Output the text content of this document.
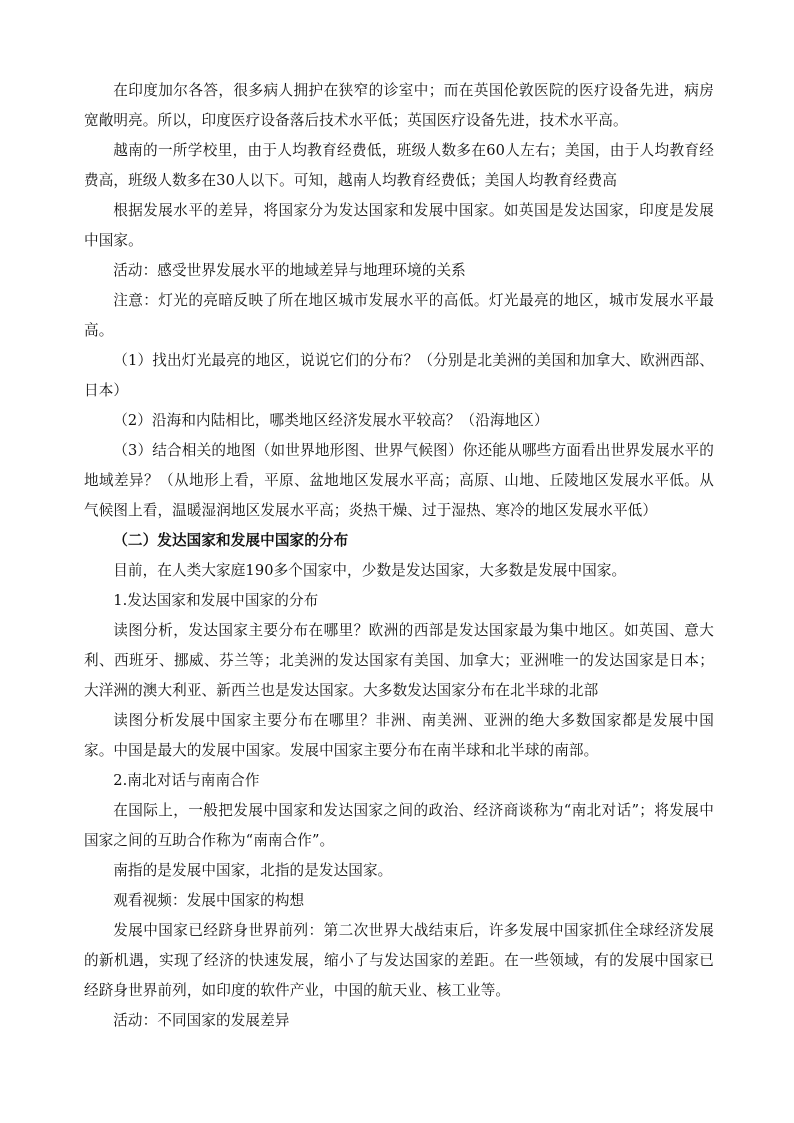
在印度加尔各答，很多病人拥护在狭窄的诊室中；而在英国伦敦医院的医疗设备先进，病房宽敞明亮。所以，印度医疗设备落后技术水平低；英国医疗设备先进，技术水平高。

越南的一所学校里，由于人均教育经费低，班级人数多在60人左右；美国，由于人均教育经费高，班级人数多在30人以下。可知，越南人均教育经费低；美国人均教育经费高

根据发展水平的差异，将国家分为发达国家和发展中国家。如英国是发达国家，印度是发展中国家。

活动：感受世界发展水平的地域差异与地理环境的关系

注意：灯光的亮暗反映了所在地区城市发展水平的高低。灯光最亮的地区，城市发展水平最高。

（1）找出灯光最亮的地区，说说它们的分布？（分别是北美洲的美国和加拿大、欧洲西部、日本）

（2）沿海和内陆相比，哪类地区经济发展水平较高？（沿海地区）

（3）结合相关的地图（如世界地形图、世界气候图）你还能从哪些方面看出世界发展水平的地域差异？（从地形上看，平原、盆地地区发展水平高；高原、山地、丘陵地区发展水平低。从气候图上看，温暖湿润地区发展水平高；炎热干燥、过于湿热、寒冷的地区发展水平低）

（二）发达国家和发展中国家的分布

目前，在人类大家庭190多个国家中，少数是发达国家，大多数是发展中国家。

1.发达国家和发展中国家的分布

读图分析，发达国家主要分布在哪里？欧洲的西部是发达国家最为集中地区。如英国、意大利、西班牙、挪威、芬兰等；北美洲的发达国家有美国、加拿大；亚洲唯一的发达国家是日本；大洋洲的澳大利亚、新西兰也是发达国家。大多数发达国家分布在北半球的北部

读图分析发展中国家主要分布在哪里？非洲、南美洲、亚洲的绝大多数国家都是发展中国家。中国是最大的发展中国家。发展中国家主要分布在南半球和北半球的南部。

2.南北对话与南南合作

在国际上，一般把发展中国家和发达国家之间的政治、经济商谈称为“南北对话”；将发展中国家之间的互助合作称为“南南合作”。

南指的是发展中国家，北指的是发达国家。

观看视频：发展中国家的构想

发展中国家已经跻身世界前列：第二次世界大战结束后，许多发展中国家抓住全球经济发展的新机遇，实现了经济的快速发展，缩小了与发达国家的差距。在一些领域，有的发展中国家已经跻身世界前列，如印度的软件产业，中国的航天业、核工业等。

活动：不同国家的发展差异
